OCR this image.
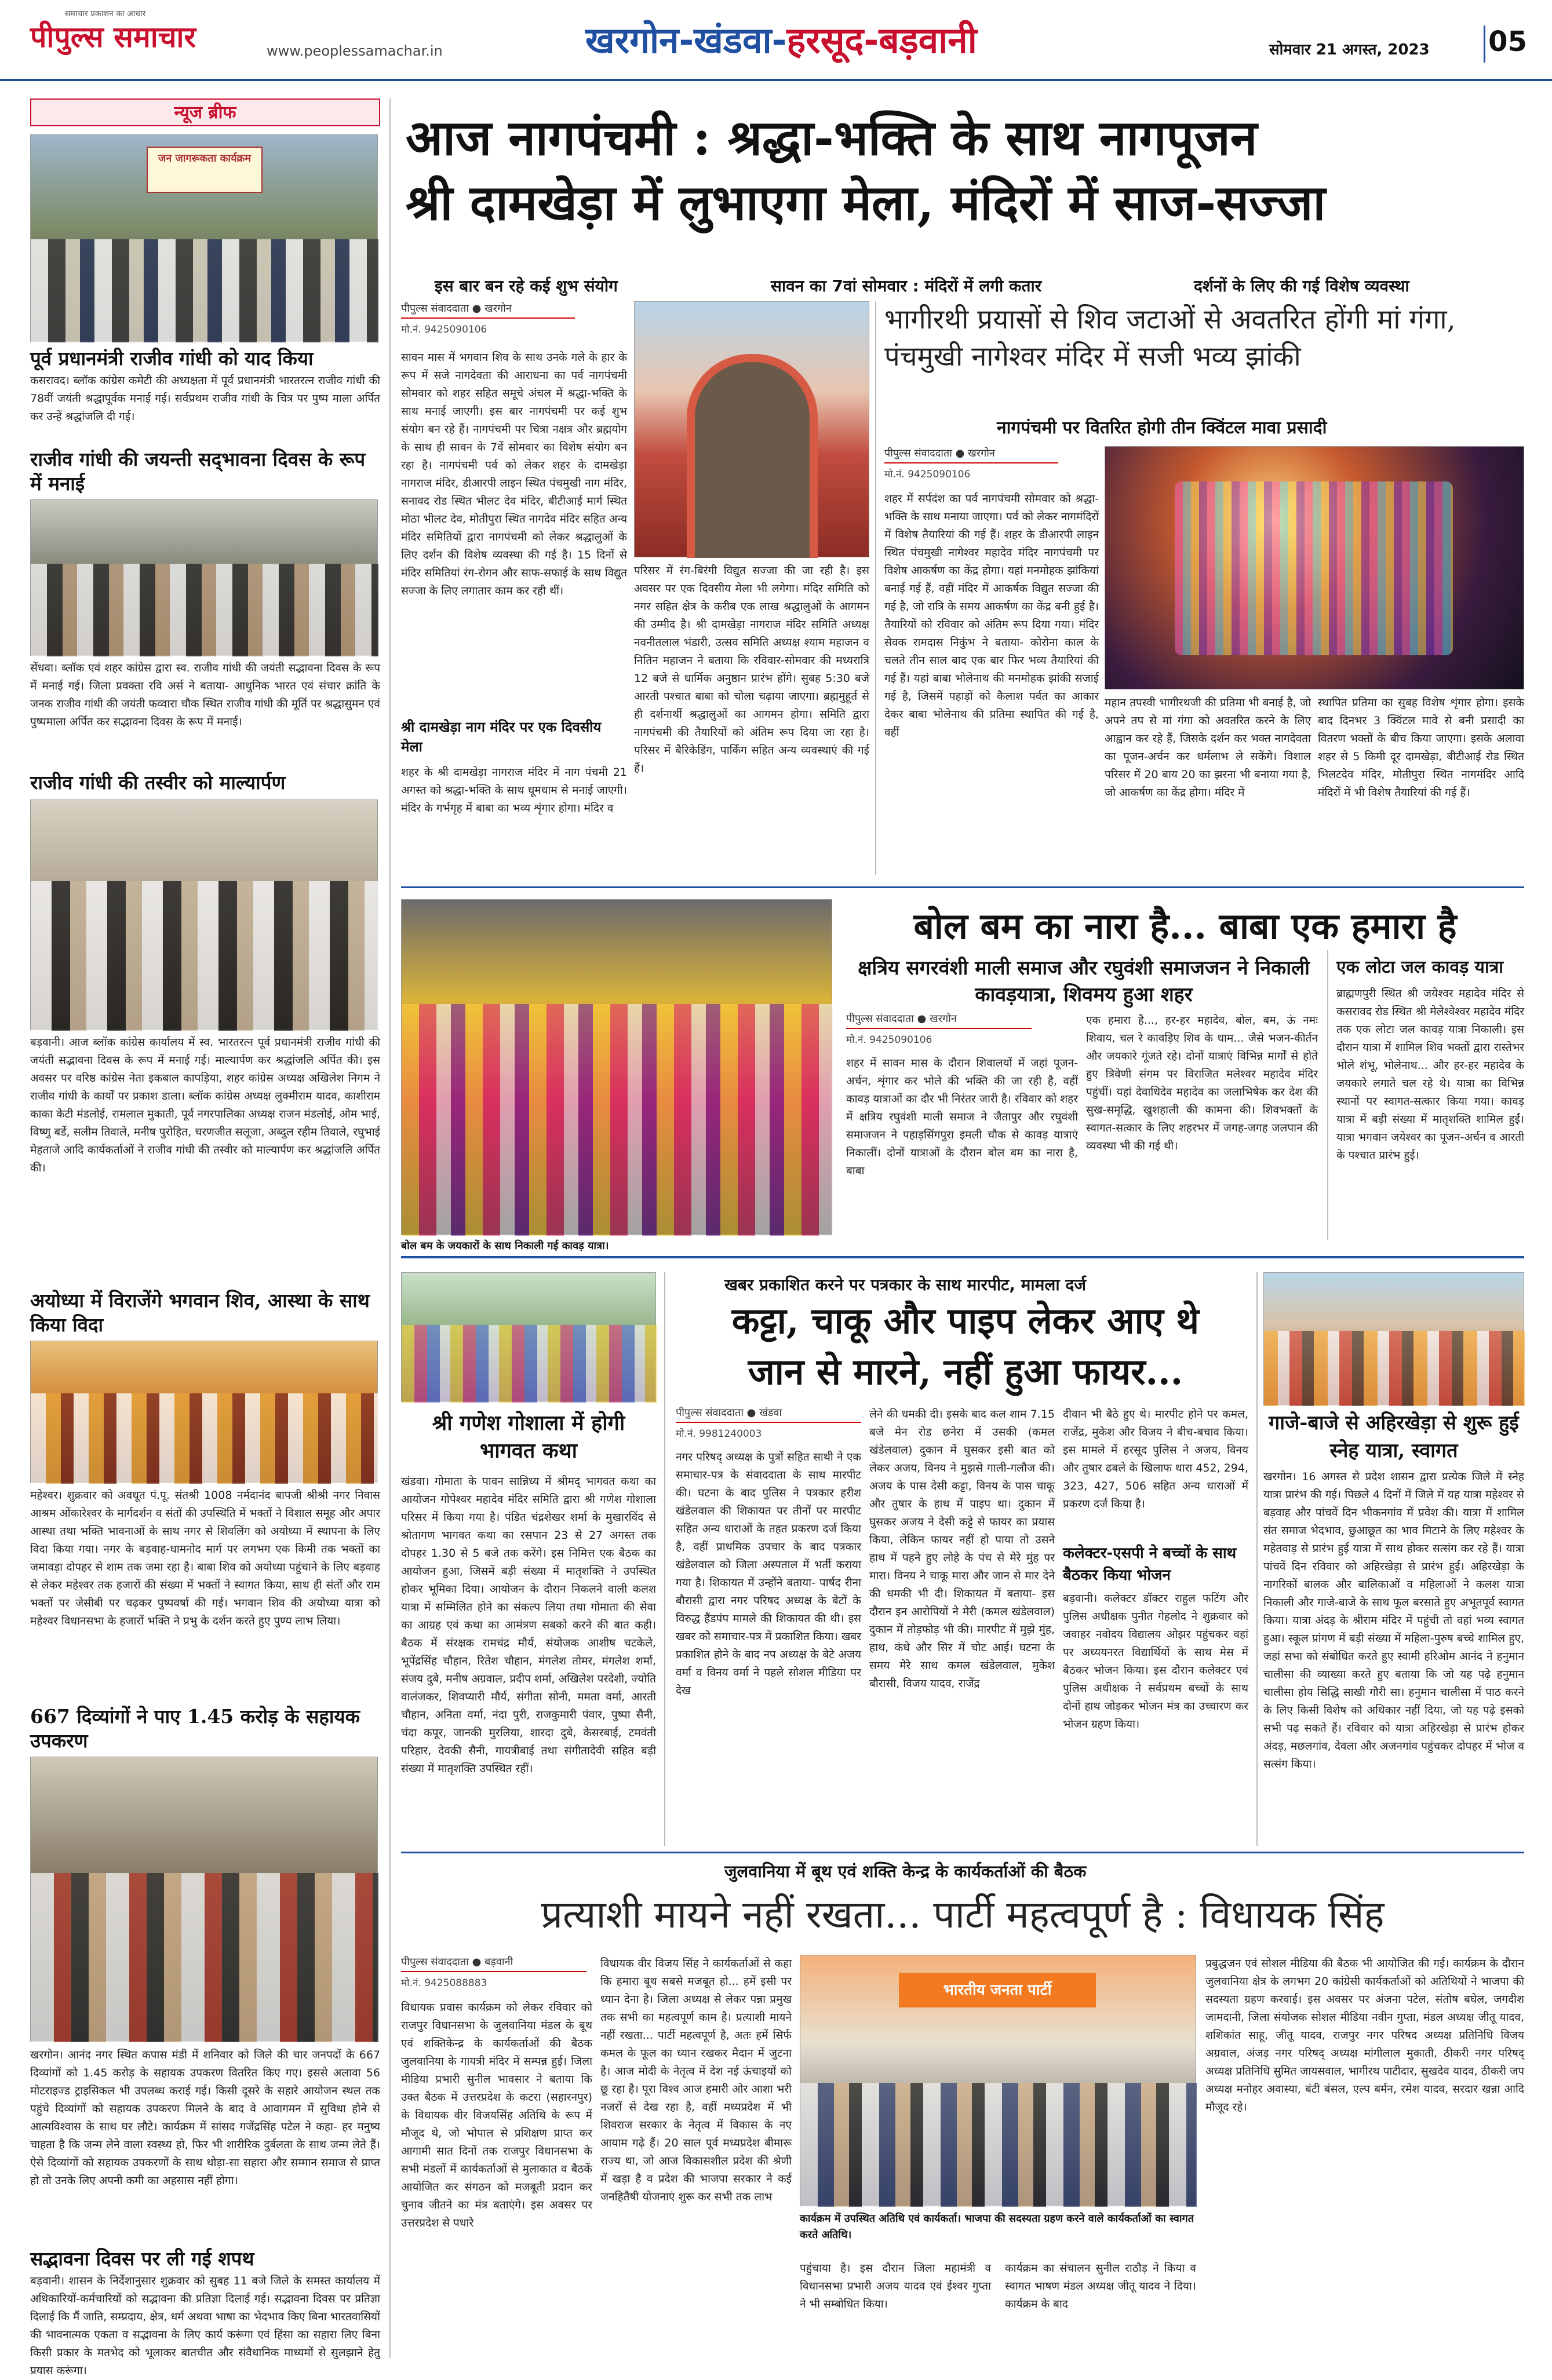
पीपुल्स समाचार
समाचार प्रकाशन का आधार
www.peoplessamachar.in	खरगोन-खंडवा-हरसूद-बड़वानी	सोमवार 21 अगस्त, 2023 05
न्यूज ब्रीफ
जन जागरूकता कार्यक्रम
पूर्व प्रधानमंत्री राजीव गांधी को याद किया
कसरावद। ब्लॉक कांग्रेस कमेटी की अध्यक्षता में पूर्व प्रधानमंत्री भारतरत्न राजीव गांधी की 78वीं जयंती श्रद्धापूर्वक मनाई गई। सर्वप्रथम राजीव गांधी के चित्र पर पुष्प माला अर्पित कर उन्हें श्रद्धांजलि दी गई।
राजीव गांधी की जयन्ती सद्‌भावना दिवस के रूप में मनाई
सेंधवा। ब्लॉक एवं शहर कांग्रेस द्वारा स्व. राजीव गांधी की जयंती सद्भावना दिवस के रूप में मनाई गई। जिला प्रवक्ता रवि अर्स ने बताया- आधुनिक भारत एवं संचार क्रांति के जनक राजीव गांधी की जयंती फव्वारा चौक स्थित राजीव गांधी की मूर्ति पर श्रद्धासुमन एवं पुष्पमाला अर्पित कर सद्भावना दिवस के रूप में मनाई।
राजीव गांधी की तस्वीर को माल्यार्पण
बड़वानी। आज ब्लॉक कांग्रेस कार्यालय में स्व. भारतरत्न पूर्व प्रधानमंत्री राजीव गांधी की जयंती सद्भावना दिवस के रूप में मनाई गई। माल्यार्पण कर श्रद्धांजलि अर्पित की। इस अवसर पर वरिष्ठ कांग्रेस नेता इकबाल कापड़िया, शहर कांग्रेस अध्यक्ष अखिलेश निगम ने राजीव गांधी के कार्यों पर प्रकाश डाला। ब्लॉक कांग्रेस अध्यक्ष लुक्मीराम यादव, काशीराम काका केटी मंडलोई, रामलाल मुकाती, पूर्व नगरपालिका अध्यक्ष राजन मंडलोई, ओम भाई, विष्णु बर्डे, सलीम तिवाले, मनीष पुरोहित, चरणजीत सलूजा, अब्दुल रहीम तिवाले, रघुभाई मेहताजे आदि कार्यकर्ताओं ने राजीव गांधी की तस्वीर को माल्यार्पण कर श्रद्धांजलि अर्पित की।
अयोध्या में विराजेंगे भगवान शिव, आस्था के साथ किया विदा
महेश्वर। शुक्रवार को अवधूत पं.पू. संतश्री 1008 नर्मदानंद बापजी श्रीश्री नगर निवास आश्रम ओंकारेश्वर के मार्गदर्शन व संतों की उपस्थिति में भक्तों ने विशाल समूह और अपार आस्था तथा भक्ति भावनाओं के साथ नगर से शिवलिंग को अयोध्या में स्थापना के लिए विदा किया गया। नगर के बड़वाह-धामनोद मार्ग पर लगभग एक किमी तक भक्तों का जमावड़ा दोपहर से शाम तक जमा रहा है। बाबा शिव को अयोध्या पहुंचाने के लिए बड़वाह से लेकर महेश्वर तक हजारों की संख्या में भक्तों ने स्वागत किया, साथ ही संतों और राम भक्तों पर जेसीबी पर चढ़कर पुष्पवर्षा की गई। भगवान शिव की अयोध्या यात्रा को महेश्वर विधानसभा के हजारों भक्ति ने प्रभु के दर्शन करते हुए पुण्य लाभ लिया।
667 दिव्यांगों ने पाए 1.45 करोड़ के सहायक उपकरण
खरगोन। आनंद नगर स्थित कपास मंडी में शनिवार को जिले की चार जनपदों के 667 दिव्यांगों को 1.45 करोड़ के सहायक उपकरण वितरित किए गए। इससे अलावा 56 मोटराइज्ड ट्राइसिकल भी उपलब्ध कराई गई। किसी दूसरे के सहारे आयोजन स्थल तक पहुंचे दिव्यांगों को सहायक उपकरण मिलने के बाद वे आवागमन में सुविधा होने से आत्मविश्वास के साथ घर लौटे। कार्यक्रम में सांसद गजेंद्रसिंह पटेल ने कहा- हर मनुष्य चाहता है कि जन्म लेने वाला स्वस्थ्य हो, फिर भी शारीरिक दुर्बलता के साथ जन्म लेते हैं। ऐसे दिव्यांगों को सहायक उपकरणों के साथ थोड़ा-सा सहारा और सम्मान समाज से प्राप्त हो तो उनके लिए अपनी कमी का अहसास नहीं होगा।
सद्भावना दिवस पर ली गई शपथ
बड़वानी। शासन के निर्देशानुसार शुक्रवार को सुबह 11 बजे जिले के समस्त कार्यालय में अधिकारियों-कर्मचारियों को सद्भावना की प्रतिज्ञा दिलाई गई। सद्भावना दिवस पर प्रतिज्ञा दिलाई कि मैं जाति, सम्प्रदाय, क्षेत्र, धर्म अथवा भाषा का भेदभाव किए बिना भारतवासियों की भावनात्मक एकता व सद्भावना के लिए कार्य करूंगा एवं हिंसा का सहारा लिए बिना किसी प्रकार के मतभेद को भूलाकर बातचीत और संवैधानिक माध्यमों से सुलझाने हेतु प्रयास करूंगा।
आज नागपंचमी : श्रद्धा-भक्ति के साथ नागपूजन
श्री दामखेड़ा में लुभाएगा मेला, मंदिरों में साज-सज्जा
इस बार बन रहे कई शुभ संयोग	सावन का 7वां सोमवार : मंदिरों में लगी कतार	दर्शनों के लिए की गई विशेष व्यवस्था
पीपुल्स संवाददाता ● खरगोन
मो.नं. 9425090106
सावन मास में भगवान शिव के साथ उनके गले के हार के रूप में सजे नागदेवता की आराधना का पर्व नागपंचमी सोमवार को शहर सहित समूचे अंचल में श्रद्धा-भक्ति के साथ मनाई जाएगी। इस बार नागपंचमी पर कई शुभ संयोग बन रहे हैं। नागपंचमी पर चित्रा नक्षत्र और ब्रह्मयोग के साथ ही सावन के 7वें सोमवार का विशेष संयोग बन रहा है। नागपंचमी पर्व को लेकर शहर के दामखेड़ा नागराज मंदिर, डीआरपी लाइन स्थित पंचमुखी नाग मंदिर, सनावद रोड स्थित भीलट देव मंदिर, बीटीआई मार्ग स्थित मोठा भीलट देव, मोतीपुरा स्थित नागदेव मंदिर सहित अन्य मंदिर समितियों द्वारा नागपंचमी को लेकर श्रद्धालुओं के लिए दर्शन की विशेष व्यवस्था की गई है। 15 दिनों से मंदिर समितियां रंग-रोगन और साफ-सफाई के साथ विद्युत सज्जा के लिए लगातार काम कर रही थीं।
श्री दामखेड़ा नाग मंदिर पर एक दिवसीय मेला
शहर के श्री दामखेड़ा नागराज मंदिर में नाग पंचमी 21 अगस्त को श्रद्धा-भक्ति के साथ धूमधाम से मनाई जाएगी। मंदिर के गर्भगृह में बाबा का भव्य शृंगार होगा। मंदिर व
परिसर में रंग-बिरंगी विद्युत सज्जा की जा रही है। इस अवसर पर एक दिवसीय मेला भी लगेगा। मंदिर समिति को नगर सहित क्षेत्र के करीब एक लाख श्रद्धालुओं के आगमन की उम्मीद है। श्री दामखेड़ा नागराज मंदिर समिति अध्यक्ष नवनीतलाल भंडारी, उत्सव समिति अध्यक्ष श्याम महाजन व नितिन महाजन ने बताया कि रविवार-सोमवार की मध्यरात्रि 12 बजे से धार्मिक अनुष्ठान प्रारंभ होंगे। सुबह 5:30 बजे आरती पश्चात बाबा को चोला चढ़ाया जाएगा। ब्रह्ममुहूर्त से ही दर्शनार्थी श्रद्धालुओं का आगमन होगा। समिति द्वारा नागपंचमी की तैयारियों को अंतिम रूप दिया जा रहा है। परिसर में बैरिकेडिंग, पार्किंग सहित अन्य व्यवस्थाएं की गई हैं।
भागीरथी प्रयासों से शिव जटाओं से अवतरित होंगी मां गंगा, पंचमुखी नागेश्वर मंदिर में सजी भव्य झांकी
नागपंचमी पर वितरित होगी तीन क्विंटल मावा प्रसादी
पीपुल्स संवाददाता ● खरगोन
मो.नं. 9425090106
शहर में सर्पदंश का पर्व नागपंचमी सोमवार को श्रद्धा-भक्ति के साथ मनाया जाएगा। पर्व को लेकर नागमंदिरों में विशेष तैयारियां की गई हैं। शहर के डीआरपी लाइन स्थित पंचमुखी नागेश्वर महादेव मंदिर नागपंचमी पर विशेष आकर्षण का केंद्र होगा। यहां मनमोहक झांकियां बनाई गई हैं, वहीं मंदिर में आकर्षक विद्युत सज्जा की गई है, जो रात्रि के समय आकर्षण का केंद्र बनी हुई है। तैयारियों को रविवार को अंतिम रूप दिया गया। मंदिर सेवक रामदास निकुंभ ने बताया- कोरोना काल के चलते तीन साल बाद एक बार फिर भव्य तैयारियां की गई हैं। यहां बाबा भोलेनाथ की मनमोहक झांकी सजाई गई है, जिसमें पहाड़ों को कैलाश पर्वत का आकार देकर बाबा भोलेनाथ की प्रतिमा स्थापित की गई है, वहीं
महान तपस्वी भागीरथजी की प्रतिमा भी बनाई है, जो अपने तप से मां गंगा को अवतरित करने के लिए आह्वान कर रहे हैं, जिसके दर्शन कर भक्त नागदेवता का पूजन-अर्चन कर धर्मलाभ ले सकेंगे। विशाल परिसर में 20 बाय 20 का झरना भी बनाया गया है, जो आकर्षण का केंद्र होगा। मंदिर में
स्थापित प्रतिमा का सुबह विशेष शृंगार होगा। इसके बाद दिनभर 3 क्विंटल मावे से बनी प्रसादी का वितरण भक्तों के बीच किया जाएगा। इसके अलावा शहर से 5 किमी दूर दामखेड़ा, बीटीआई रोड स्थित भिलटदेव मंदिर, मोतीपुरा स्थित नागमंदिर आदि मंदिरों में भी विशेष तैयारियां की गई हैं।
बोल बम के जयकारों के साथ निकाली गई कावड़ यात्रा।
बोल बम का नारा है... बाबा एक हमारा है
क्षत्रिय सगरवंशी माली समाज और रघुवंशी समाजजन ने निकाली कावड़यात्रा, शिवमय हुआ शहर
पीपुल्स संवाददाता ● खरगोन
मो.नं. 9425090106
शहर में सावन मास के दौरान शिवालयों में जहां पूजन-अर्चन, शृंगार कर भोले की भक्ति की जा रही है, वहीं कावड़ यात्राओं का दौर भी निरंतर जारी है। रविवार को शहर में क्षत्रिय रघुवंशी माली समाज ने जैतापुर और रघुवंशी समाजजन ने पहाड़सिंगपुरा इमली चौक से कावड़ यात्राएं निकालीं। दोनों यात्राओं के दौरान बोल बम का नारा है, बाबा
एक हमारा है..., हर-हर महादेव, बोल, बम, ऊं नमः शिवाय, चल रे कावड़िए शिव के धाम... जैसे भजन-कीर्तन और जयकारे गूंजते रहे। दोनों यात्राएं विभिन्न मार्गों से होते हुए त्रिवेणी संगम पर विराजित मलेश्वर महादेव मंदिर पहुंचीं। यहां देवाधिदेव महादेव का जलाभिषेक कर देश की सुख-समृद्धि, खुशहाली की कामना की। शिवभक्तों के स्वागत-सत्कार के लिए शहरभर में जगह-जगह जलपान की व्यवस्था भी की गई थी।
एक लोटा जल कावड़ यात्रा
ब्राह्मणपुरी स्थित श्री जयेश्वर महादेव मंदिर से कसरावद रोड स्थित श्री मेलेश्वेश्वर महादेव मंदिर तक एक लोटा जल कावड़ यात्रा निकाली। इस दौरान यात्रा में शामिल शिव भक्तों द्वारा रास्तेभर भोले शंभू, भोलेनाथ... और हर-हर महादेव के जयकारे लगाते चल रहे थे। यात्रा का विभिन्न स्थानों पर स्वागत-सत्कार किया गया। कावड़ यात्रा में बड़ी संख्या में मातृशक्ति शामिल हुईं। यात्रा भगवान जयेश्वर का पूजन-अर्चन व आरती के पश्चात प्रारंभ हुई।
श्री गणेश गोशाला में होगी भागवत कथा
खंडवा। गोमाता के पावन सान्निध्य में श्रीमद् भागवत कथा का आयोजन गोपेश्वर महादेव मंदिर समिति द्वारा श्री गणेश गोशाला परिसर में किया गया है। पंडित चंद्रशेखर शर्मा के मुखारविंद से श्रोतागण भागवत कथा का रसपान 23 से 27 अगस्त तक दोपहर 1.30 से 5 बजे तक करेंगे। इस निमित्त एक बैठक का आयोजन हुआ, जिसमें बड़ी संख्या में मातृशक्ति ने उपस्थित होकर भूमिका दिया। आयोजन के दौरान निकलने वाली कलश यात्रा में सम्मिलित होने का संकल्प लिया तथा गोमाता की सेवा का आग्रह एवं कथा का आमंत्रण सबको करने की बात कही। बैठक में संरक्षक रामचंद्र मौर्य, संयोजक आशीष चटकेले, भूपेंद्रसिंह चौहान, रितेश चौहान, मंगलेश तोमर, मंगलेश शर्मा, संजय दुबे, मनीष अग्रवाल, प्रदीप शर्मा, अखिलेश परदेशी, ज्योति वालंजकर, शिवप्यारी मौर्य, संगीता सोनी, ममता वर्मा, आरती चौहान, अनिता वर्मा, नंदा पुरी, राजकुमारी पंवार, पुष्पा सैनी, चंदा कपूर, जानकी मुरलिया, शारदा दुबे, केसरबाई, टमवंती परिहार, देवकी सैनी, गायत्रीबाई तथा संगीतादेवी सहित बड़ी संख्या में मातृशक्ति उपस्थित रहीं।
खबर प्रकाशित करने पर पत्रकार के साथ मारपीट, मामला दर्ज
कट्टा, चाकू और पाइप लेकर आए थे
जान से मारने, नहीं हुआ फायर...
पीपुल्स संवाददाता ● खंडवा
मो.नं. 9981240003
नगर परिषद् अध्यक्ष के पुत्रों सहित साथी ने एक समाचार-पत्र के संवाददाता के साथ मारपीट की। घटना के बाद पुलिस ने पत्रकार हरीश खंडेलवाल की शिकायत पर तीनों पर मारपीट सहित अन्य धाराओं के तहत प्रकरण दर्ज किया है, वहीं प्राथमिक उपचार के बाद पत्रकार खंडेलवाल को जिला अस्पताल में भर्ती कराया गया है। शिकायत में उन्होंने बताया- पार्षद रीना बौरासी द्वारा नगर परिषद अध्यक्ष के बेटों के विरुद्ध हैंडपंप मामले की शिकायत की थी। इस खबर को समाचार-पत्र में प्रकाशित किया। खबर प्रकाशित होने के बाद नप अध्यक्ष के बेटे अजय वर्मा व विनय वर्मा ने पहले सोशल मीडिया पर देख
लेने की धमकी दी। इसके बाद कल शाम 7.15 बजे मेन रोड छनेरा में उसकी (कमल खंडेलवाल) दुकान में घुसकर इसी बात को लेकर अजय, विनय ने मुझसे गाली-गलौज की। अजय के पास देसी कट्टा, विनय के पास चाकू और तुषार के हाथ में पाइप था। दुकान में घुसकर अजय ने देसी कट्टे से फायर का प्रयास किया, लेकिन फायर नहीं हो पाया तो उसने हाथ में पहने हुए लोहे के पंच से मेरे मुंह पर मारा। विनय ने चाकू मारा और जान से मार देने की धमकी भी दी। शिकायत में बताया- इस दौरान इन आरोपियों ने मेरी (कमल खंडेलवाल) दुकान में तोड़फोड़ भी की। मारपीट में मुझे मुंह, हाथ, कंधे और सिर में चोट आई। घटना के समय मेरे साथ कमल खंडेलवाल, मुकेश बौरासी, विजय यादव, राजेंद्र
दीवान भी बैठे हुए थे। मारपीट होने पर कमल, राजेंद्र, मुकेश और विजय ने बीच-बचाव किया। इस मामले में हरसूद पुलिस ने अजय, विनय और तुषार ढबले के खिलाफ धारा 452, 294, 323, 427, 506 सहित अन्य धाराओं में प्रकरण दर्ज किया है।
कलेक्टर-एसपी ने बच्चों के साथ बैठकर किया भोजन
बड़वानी। कलेक्टर डॉक्टर राहुल फटिंग और पुलिस अधीक्षक पुनीत गेहलोद ने शुक्रवार को जवाहर नवोदय विद्यालय ओझर पहुंचकर वहां पर अध्ययनरत विद्यार्थियों के साथ मेस में बैठकर भोजन किया। इस दौरान कलेक्टर एवं पुलिस अधीक्षक ने सर्वप्रथम बच्चों के साथ दोनों हाथ जोड़कर भोजन मंत्र का उच्चारण कर भोजन ग्रहण किया।
गाजे-बाजे से अहिरखेड़ा से शुरू हुई स्नेह यात्रा, स्वागत
खरगोन। 16 अगस्त से प्रदेश शासन द्वारा प्रत्येक जिले में स्नेह यात्रा प्रारंभ की गई। पिछले 4 दिनों में जिले में यह यात्रा महेश्वर से बड़वाह और पांचवें दिन भीकनगांव में प्रवेश की। यात्रा में शामिल संत समाज भेदभाव, छुआछूत का भाव मिटाने के लिए महेश्वर के महेतवाड़ से प्रारंभ हुई यात्रा में साथ होकर सत्संग कर रहे हैं। यात्रा पांचवें दिन रविवार को अहिरखेड़ा से प्रारंभ हुई। अहिरखेड़ा के नागरिकों बालक और बालिकाओं व महिलाओं ने कलश यात्रा निकाली और गाजे-बाजे के साथ फूल बरसाते हुए अभूतपूर्व स्वागत किया। यात्रा अंदड़ के श्रीराम मंदिर में पहुंची तो वहां भव्य स्वागत हुआ। स्कूल प्रांगण में बड़ी संख्या में महिला-पुरुष बच्चे शामिल हुए, जहां सभा को संबोधित करते हुए स्वामी हरिओम आनंद ने हनुमान चालीसा की व्याख्या करते हुए बताया कि जो यह पढ़े हनुमान चालीसा होय सिद्धि साखी गौरी सा। हनुमान चालीसा में पाठ करने के लिए किसी विशेष को अधिकार नहीं दिया, जो यह पढ़े इसको सभी पढ़ सकते हैं। रविवार को यात्रा अहिरखेड़ा से प्रारंभ होकर अंदड़, मछलगांव, देवला और अजनगांव पहुंचकर दोपहर में भोज व सत्संग किया।
जुलवानिया में बूथ एवं शक्ति केन्द्र के कार्यकर्ताओं की बैठक
प्रत्याशी मायने नहीं रखता... पार्टी महत्वपूर्ण है : विधायक सिंह
पीपुल्स संवाददाता ● बड़वानी
मो.नं. 9425088883
विधायक प्रवास कार्यक्रम को लेकर रविवार को राजपुर विधानसभा के जुलवानिया मंडल के बूथ एवं शक्तिकेन्द्र के कार्यकर्ताओं की बैठक जुलवानिया के गायत्री मंदिर में सम्पन्न हुई। जिला मीडिया प्रभारी सुनील भावसार ने बताया कि उक्त बैठक में उत्तरप्रदेश के कटरा (सहारनपुर) के विधायक वीर विजयसिंह अतिथि के रूप में मौजूद थे, जो भोपाल से प्रशिक्षण प्राप्त कर आगामी सात दिनों तक राजपुर विधानसभा के सभी मंडलों में कार्यकर्ताओं से मुलाकात व बैठकें आयोजित कर संगठन को मजबूती प्रदान कर चुनाव जीतने का मंत्र बताएंगे। इस अवसर पर उत्तरप्रदेश से पधारे
विधायक वीर विजय सिंह ने कार्यकर्ताओं से कहा कि हमारा बूथ सबसे मजबूत हो... हमें इसी पर ध्यान देना है। जिला अध्यक्ष से लेकर पन्ना प्रमुख तक सभी का महत्वपूर्ण काम है। प्रत्याशी मायने नहीं रखता... पार्टी महत्वपूर्ण है, अतः हमें सिर्फ कमल के फूल का ध्यान रखकर मैदान में जुटना है। आज मोदी के नेतृत्व में देश नई ऊंचाइयों को छू रहा है। पूरा विश्व आज हमारी ओर आशा भरी नजरों से देख रहा है, वहीं मध्यप्रदेश में भी शिवराज सरकार के नेतृत्व में विकास के नए आयाम गढ़े हैं। 20 साल पूर्व मध्यप्रदेश बीमारू राज्य था, जो आज विकासशील प्रदेश की श्रेणी में खड़ा है व प्रदेश की भाजपा सरकार ने कई जनहितैषी योजनाएं शुरू कर सभी तक लाभ
भारतीय जनता पार्टी
कार्यक्रम में उपस्थित अतिथि एवं कार्यकर्ता। भाजपा की सदस्यता ग्रहण करने वाले कार्यकर्ताओं का स्वागत करते अतिथि।
पहुंचाया है। इस दौरान जिला महामंत्री व विधानसभा प्रभारी अजय यादव एवं ईश्वर गुप्ता ने भी सम्बोधित किया।
कार्यक्रम का संचालन सुनील राठौड़ ने किया व स्वागत भाषण मंडल अध्यक्ष जीतू यादव ने दिया। कार्यक्रम के बाद
प्रबुद्धजन एवं सोशल मीडिया की बैठक भी आयोजित की गई। कार्यक्रम के दौरान जुलवानिया क्षेत्र के लगभग 20 कांग्रेसी कार्यकर्ताओं को अतिथियों ने भाजपा की सदस्यता ग्रहण करवाई। इस अवसर पर अंजना पटेल, संतोष बघेल, जगदीश जामदानी, जिला संयोजक सोशल मीडिया नवीन गुप्ता, मंडल अध्यक्ष जीतू यादव, शशिकांत साहू, जीतू यादव, राजपुर नगर परिषद अध्यक्ष प्रतिनिधि विजय अग्रवाल, अंजड़ नगर परिषद् अध्यक्ष मांगीलाल मुकाती, ठीकरी नगर परिषद् अध्यक्ष प्रतिनिधि सुमित जायसवाल, भागीरथ पाटीदार, सुखदेव यादव, ठीकरी जप अध्यक्ष मनोहर अवास्या, बंटी बंसल, एल्प बर्मन, रमेश यादव, सरदार खन्ना आदि मौजूद रहे।
